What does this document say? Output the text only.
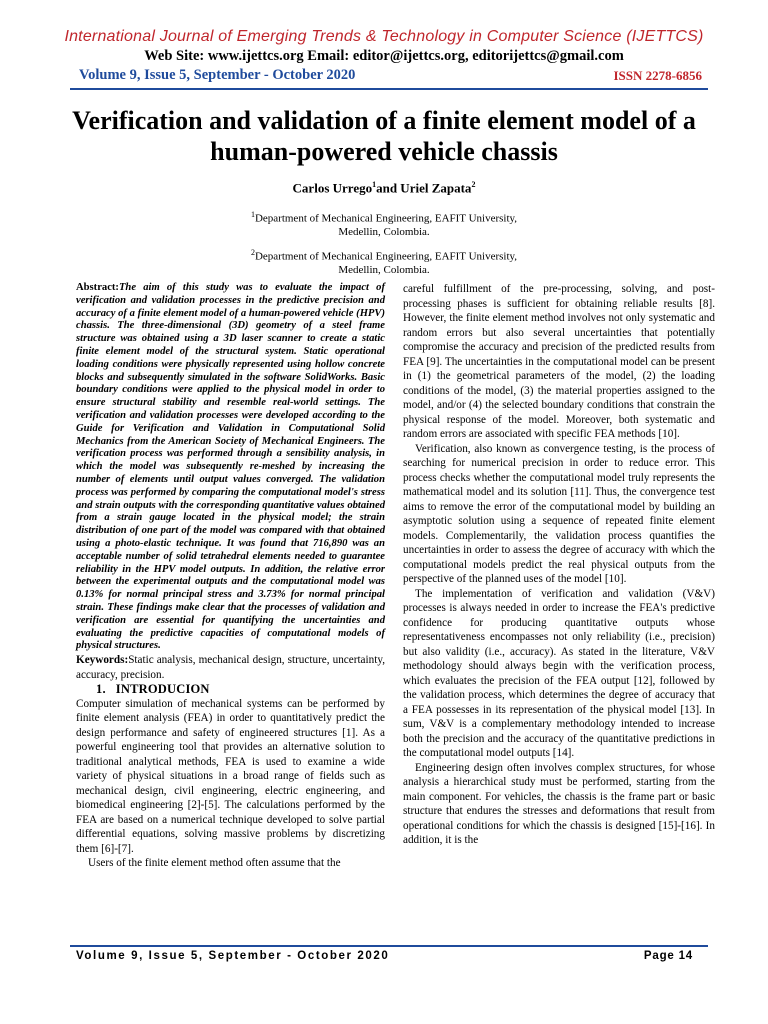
International Journal of Emerging Trends & Technology in Computer Science (IJETTCS)
Web Site: www.ijettcs.org Email: editor@ijettcs.org, editorijettcs@gmail.com
Volume 9, Issue 5, September - October 2020	ISSN 2278-6856
Verification and validation of a finite element model of a human-powered vehicle chassis
Carlos Urrego$^1$and Uriel Zapata$^2$
$^1$Department of Mechanical Engineering, EAFIT University,
Medellin, Colombia.
$^2$Department of Mechanical Engineering, EAFIT University,
Medellin, Colombia.

Abstract:The aim of this study was to evaluate the impact of verification and validation processes in the predictive precision and accuracy of a finite element model of a human-powered vehicle (HPV) chassis. The three-dimensional (3D) geometry of a steel frame structure was obtained using a 3D laser scanner to create a static finite element model of the structural system. Static operational loading conditions were physically represented using hollow concrete blocks and subsequently simulated in the software SolidWorks. Basic boundary conditions were applied to the physical model in order to ensure structural stability and resemble real-world settings. The verification and validation processes were developed according to the Guide for Verification and Validation in Computational Solid Mechanics from the American Society of Mechanical Engineers. The verification process was performed through a sensibility analysis, in which the model was subsequently re-meshed by increasing the number of elements until output values converged. The validation process was performed by comparing the computational model's stress and strain outputs with the corresponding quantitative values obtained from a strain gauge located in the physical model; the strain distribution of one part of the model was compared with that obtained using a photo-elastic technique. It was found that 716,890 was an acceptable number of solid tetrahedral elements needed to guarantee reliability in the HPV model outputs. In addition, the relative error between the experimental outputs and the computational model was 0.13% for normal principal stress and 3.73% for normal principal strain. These findings make clear that the processes of validation and verification are essential for quantifying the uncertainties and evaluating the predictive capacities of computational models of physical structures.

Keywords:Static analysis, mechanical design, structure, uncertainty, accuracy, precision.

1. INTRODUCION

Computer simulation of mechanical systems can be performed by finite element analysis (FEA) in order to quantitatively predict the design performance and safety of engineered structures [1]. As a powerful engineering tool that provides an alternative solution to traditional analytical methods, FEA is used to examine a wide variety of physical situations in a broad range of fields such as mechanical design, civil engineering, electric engineering, and biomedical engineering [2]-[5]. The calculations performed by the FEA are based on a numerical technique developed to solve partial differential equations, solving massive problems by discretizing them [6]-[7].

Users of the finite element method often assume that the

careful fulfillment of the pre-processing, solving, and post-processing phases is sufficient for obtaining reliable results [8]. However, the finite element method involves not only systematic and random errors but also several uncertainties that potentially compromise the accuracy and precision of the predicted results from FEA [9]. The uncertainties in the computational model can be present in (1) the geometrical parameters of the model, (2) the loading conditions of the model, (3) the material properties assigned to the model, and/or (4) the selected boundary conditions that constrain the physical response of the model. Moreover, both systematic and random errors are associated with specific FEA methods [10].

Verification, also known as convergence testing, is the process of searching for numerical precision in order to reduce error. This process checks whether the computational model truly represents the mathematical model and its solution [11]. Thus, the convergence test aims to remove the error of the computational model by building an asymptotic solution using a sequence of repeated finite element models. Complementarily, the validation process quantifies the uncertainties in order to assess the degree of accuracy with which the computational models predict the real physical outputs from the perspective of the planned uses of the model [10].

The implementation of verification and validation (V&V) processes is always needed in order to increase the FEA's predictive confidence for producing quantitative outputs whose representativeness encompasses not only reliability (i.e., precision) but also validity (i.e., accuracy). As stated in the literature, V&V methodology should always begin with the verification process, which evaluates the precision of the FEA output [12], followed by the validation process, which determines the degree of accuracy that a FEA possesses in its representation of the physical model [13]. In sum, V&V is a complementary methodology intended to increase both the precision and the accuracy of the quantitative predictions in the computational model outputs [14].

Engineering design often involves complex structures, for whose analysis a hierarchical study must be performed, starting from the main component. For vehicles, the chassis is the frame part or basic structure that endures the stresses and deformations that result from operational conditions for which the chassis is designed [15]-[16]. In addition, it is the

Volume 9, Issue 5, September - October 2020	Page 14
